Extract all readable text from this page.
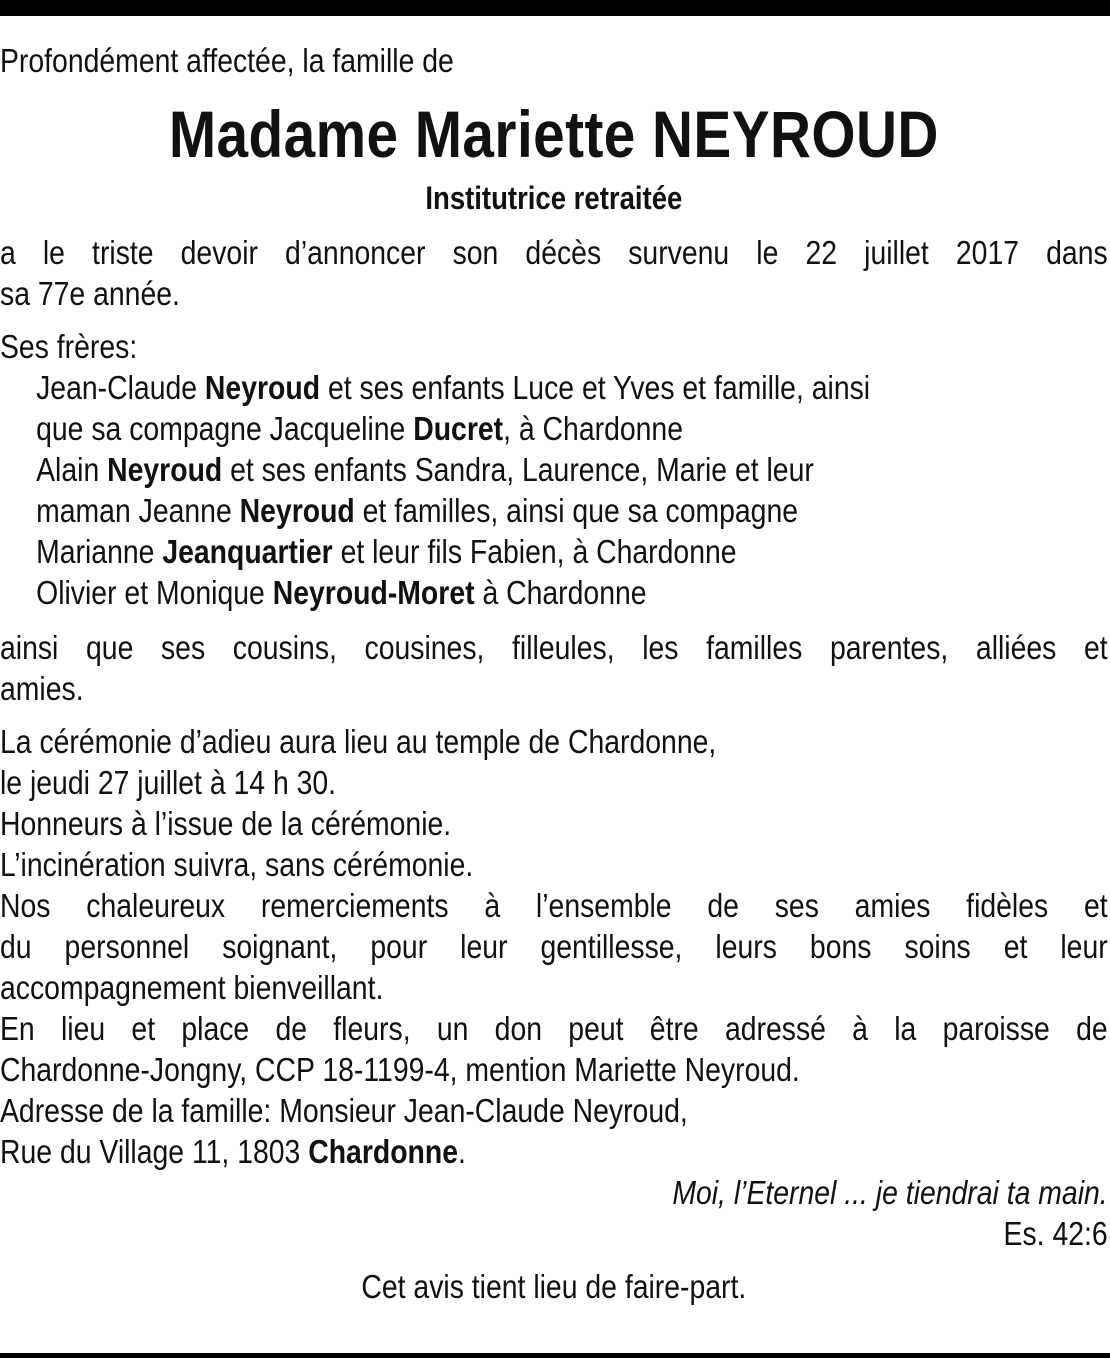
Profondément affectée, la famille de
Madame Mariette NEYROUD
Institutrice retraitée
a le triste devoir d’annoncer son décès survenu le 22 juillet 2017 dans
sa 77e année.
Ses frères:
Jean-Claude Neyroud et ses enfants Luce et Yves et famille, ainsi
que sa compagne Jacqueline Ducret, à Chardonne
Alain Neyroud et ses enfants Sandra, Laurence, Marie et leur
maman Jeanne Neyroud et familles, ainsi que sa compagne
Marianne Jeanquartier et leur fils Fabien, à Chardonne
Olivier et Monique Neyroud-Moret à Chardonne
ainsi que ses cousins, cousines, filleules, les familles parentes, alliées et
amies.
La cérémonie d’adieu aura lieu au temple de Chardonne,
le jeudi 27 juillet à 14 h 30.
Honneurs à l’issue de la cérémonie.
L’incinération suivra, sans cérémonie.
Nos chaleureux remerciements à l’ensemble de ses amies fidèles et
du personnel soignant, pour leur gentillesse, leurs bons soins et leur
accompagnement bienveillant.
En lieu et place de fleurs, un don peut être adressé à la paroisse de
Chardonne-Jongny, CCP 18-1199-4, mention Mariette Neyroud.
Adresse de la famille: Monsieur Jean-Claude Neyroud,
Rue du Village 11, 1803 Chardonne.
Moi, l’Eternel ... je tiendrai ta main.
Es. 42:6
Cet avis tient lieu de faire-part.
